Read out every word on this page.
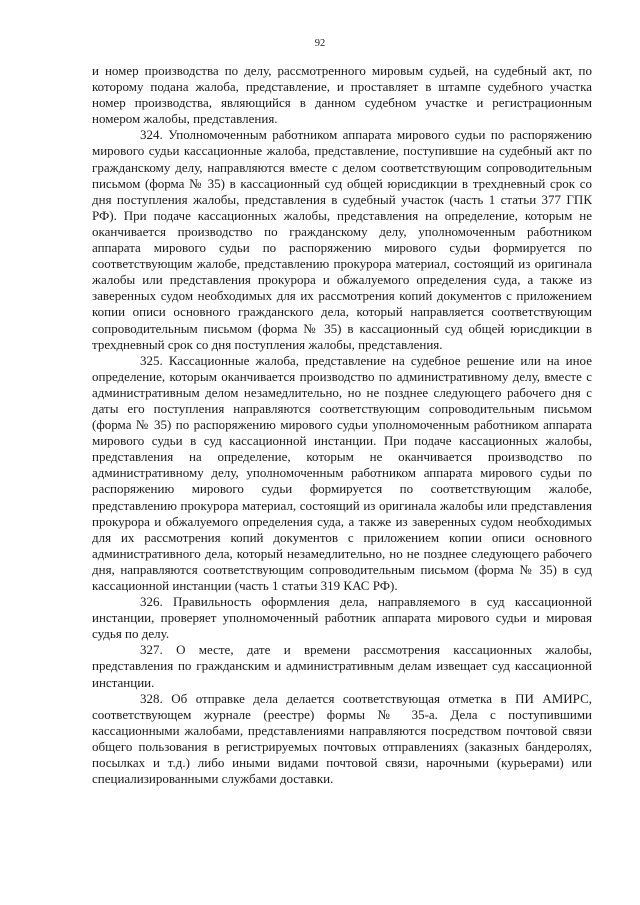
92

и номер производства по делу, рассмотренного мировым судьей, на судебный акт, по которому подана жалоба, представление, и проставляет в штампе судебного участка номер производства, являющийся в данном судебном участке и регистрационным номером жалобы, представления.

324. Уполномоченным работником аппарата мирового судьи по распоряжению мирового судьи кассационные жалоба, представление, поступившие на судебный акт по гражданскому делу, направляются вместе с делом соответствующим сопроводительным письмом (форма № 35) в кассационный суд общей юрисдикции в трехдневный срок со дня поступления жалобы, представления в судебный участок (часть 1 статьи 377 ГПК РФ). При подаче кассационных жалобы, представления на определение, которым не оканчивается производство по гражданскому делу, уполномоченным работником аппарата мирового судьи по распоряжению мирового судьи формируется по соответствующим жалобе, представлению прокурора материал, состоящий из оригинала жалобы или представления прокурора и обжалуемого определения суда, а также из заверенных судом необходимых для их рассмотрения копий документов с приложением копии описи основного гражданского дела, который направляется соответствующим сопроводительным письмом (форма № 35) в кассационный суд общей юрисдикции в трехдневный срок со дня поступления жалобы, представления.

325. Кассационные жалоба, представление на судебное решение или на иное определение, которым оканчивается производство по административному делу, вместе с административным делом незамедлительно, но не позднее следующего рабочего дня с даты его поступления направляются соответствующим сопроводительным письмом (форма № 35) по распоряжению мирового судьи уполномоченным работником аппарата мирового судьи в суд кассационной инстанции. При подаче кассационных жалобы, представления на определение, которым не оканчивается производство по административному делу, уполномоченным работником аппарата мирового судьи по распоряжению мирового судьи формируется по соответствующим жалобе, представлению прокурора материал, состоящий из оригинала жалобы или представления прокурора и обжалуемого определения суда, а также из заверенных судом необходимых для их рассмотрения копий документов с приложением копии описи основного административного дела, который незамедлительно, но не позднее следующего рабочего дня, направляются соответствующим сопроводительным письмом (форма № 35) в суд кассационной инстанции (часть 1 статьи 319 КАС РФ).

326. Правильность оформления дела, направляемого в суд кассационной инстанции, проверяет уполномоченный работник аппарата мирового судьи и мировая судья по делу.

327. О месте, дате и времени рассмотрения кассационных жалобы, представления по гражданским и административным делам извещает суд кассационной инстанции.

328. Об отправке дела делается соответствующая отметка в ПИ АМИРС, соответствующем журнале (реестре) формы № 35-а. Дела с поступившими кассационными жалобами, представлениями направляются посредством почтовой связи общего пользования в регистрируемых почтовых отправлениях (заказных бандеролях, посылках и т.д.) либо иными видами почтовой связи, нарочными (курьерами) или специализированными службами доставки.
